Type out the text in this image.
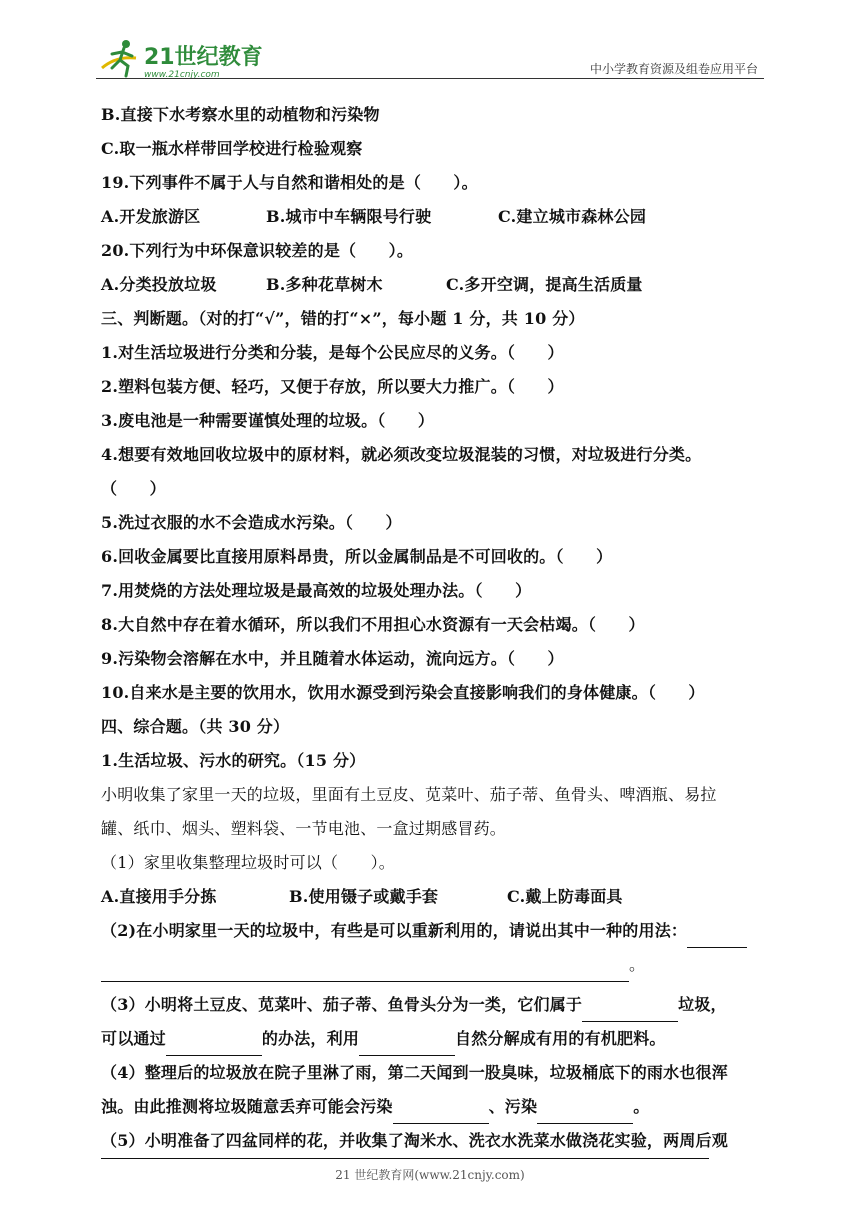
21世纪教育
www.21cnjy.com	中小学教育资源及组卷应用平台
B.直接下水考察水里的动植物和污染物
C.取一瓶水样带回学校进行检验观察
19.下列事件不属于人与自然和谐相处的是（　　）。
A.开发旅游区	B.城市中车辆限号行驶	C.建立城市森林公园
20.下列行为中环保意识较差的是（　　）。
A.分类投放垃圾	B.多种花草树木	C.多开空调，提高生活质量
三、判断题。（对的打“√”，错的打“×”，每小题 1 分，共 10 分）
1.对生活垃圾进行分类和分装，是每个公民应尽的义务。（　　）
2.塑料包装方便、轻巧，又便于存放，所以要大力推广。（　　）
3.废电池是一种需要谨慎处理的垃圾。（　　）
4.想要有效地回收垃圾中的原材料，就必须改变垃圾混装的习惯，对垃圾进行分类。
（　　）
5.洗过衣服的水不会造成水污染。（　　）
6.回收金属要比直接用原料昂贵，所以金属制品是不可回收的。（　　）
7.用焚烧的方法处理垃圾是最高效的垃圾处理办法。（　　）
8.大自然中存在着水循环，所以我们不用担心水资源有一天会枯竭。（　　）
9.污染物会溶解在水中，并且随着水体运动，流向远方。（　　）
10.自来水是主要的饮用水，饮用水源受到污染会直接影响我们的身体健康。（　　）
四、综合题。（共 30 分）
1.生活垃圾、污水的研究。（15 分）
小明收集了家里一天的垃圾，里面有土豆皮、苋菜叶、茄子蒂、鱼骨头、啤酒瓶、易拉
罐、纸巾、烟头、塑料袋、一节电池、一盒过期感冒药。
（1）家里收集整理垃圾时可以（　　）。
A.直接用手分拣	B.使用镊子或戴手套	C.戴上防毒面具
（2)在小明家里一天的垃圾中，有些是可以重新利用的，请说出其中一种的用法：
。
（3）小明将土豆皮、苋菜叶、茄子蒂、鱼骨头分为一类，它们属于	垃圾，
可以通过	的办法，利用	自然分解成有用的有机肥料。
（4）整理后的垃圾放在院子里淋了雨，第二天闻到一股臭味，垃圾桶底下的雨水也很浑
浊。由此推测将垃圾随意丢弃可能会污染	、污染	。
（5）小明准备了四盆同样的花，并收集了淘米水、洗衣水洗菜水做浇花实验，两周后观
21 世纪教育网(www.21cnjy.com)
